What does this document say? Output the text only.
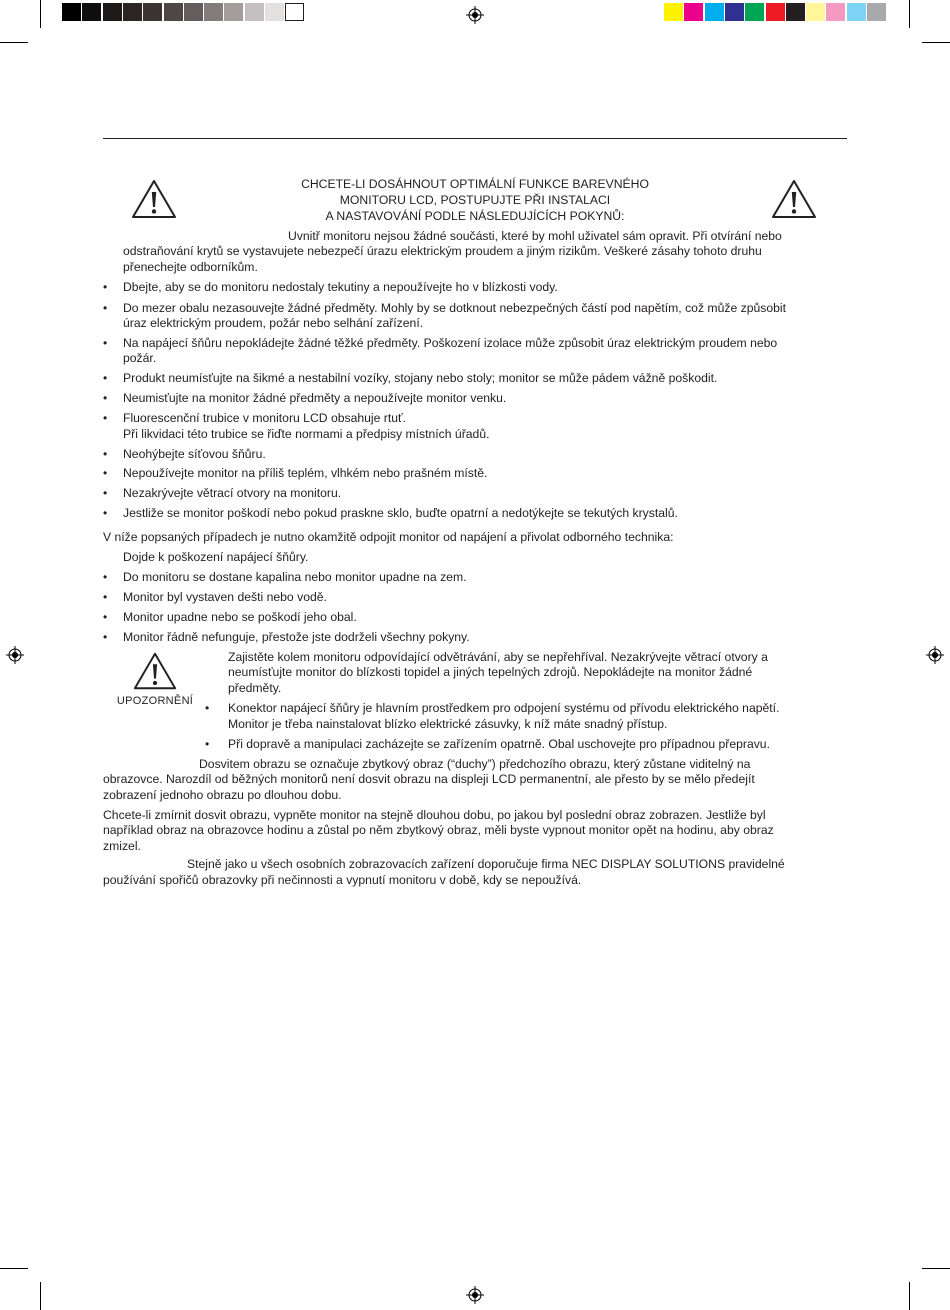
CHCETE-LI DOSÁHNOUT OPTIMÁLNÍ FUNKCE BAREVNÉHO
MONITORU LCD, POSTUPUJTE PŘI INSTALACI
A NASTAVOVÁNÍ PODLE NÁSLEDUJÍCÍCH POKYNŮ:
Uvnitř monitoru nejsou žádné součásti, které by mohl uživatel sám opravit. Při otvírání nebo
odstraňování krytů se vystavujete nebezpečí úrazu elektrickým proudem a jiným rizikům. Veškeré zásahy tohoto druhu
přenechejte odborníkům.
•	Dbejte, aby se do monitoru nedostaly tekutiny a nepoužívejte ho v blízkosti vody.
•	Do mezer obalu nezasouvejte žádné předměty. Mohly by se dotknout nebezpečných částí pod napětím, což může způsobit
úraz elektrickým proudem, požár nebo selhání zařízení.
•	Na napájecí šňůru nepokládejte žádné těžké předměty. Poškození izolace může způsobit úraz elektrickým proudem nebo
požár.
•	Produkt neumísťujte na šikmé a nestabilní vozíky, stojany nebo stoly; monitor se může pádem vážně poškodit.
•	Neumisťujte na monitor žádné předměty a nepoužívejte monitor venku.
•	Fluorescenční trubice v monitoru LCD obsahuje rtuť.
Při likvidaci této trubice se řiďte normami a předpisy místních úřadů.
•	Neohýbejte síťovou šňůru.
•	Nepoužívejte monitor na příliš teplém, vlhkém nebo prašném místě.
•	Nezakrývejte větrací otvory na monitoru.
•	Jestliže se monitor poškodí nebo pokud praskne sklo, buďte opatrní a nedotýkejte se tekutých krystalů.
V níže popsaných případech je nutno okamžitě odpojit monitor od napájení a přivolat odborného technika:
Dojde k poškození napájecí šňůry.
•	Do monitoru se dostane kapalina nebo monitor upadne na zem.
•	Monitor byl vystaven dešti nebo vodě.
•	Monitor upadne nebo se poškodí jeho obal.
•	Monitor řádně nefunguje, přestože jste dodrželi všechny pokyny.
UPOZORNĚNÍ
Zajistěte kolem monitoru odpovídající odvětrávání, aby se nepřehříval. Nezakrývejte větrací otvory a
neumísťujte monitor do blízkosti topidel a jiných tepelných zdrojů. Nepokládejte na monitor žádné
předměty.
•	Konektor napájecí šňůry je hlavním prostředkem pro odpojení systému od přívodu elektrického napětí.
Monitor je třeba nainstalovat blízko elektrické zásuvky, k níž máte snadný přístup.
•	Při dopravě a manipulaci zacházejte se zařízením opatrně. Obal uschovejte pro případnou přepravu.
Dosvitem obrazu se označuje zbytkový obraz (“duchy”) předchozího obrazu, který zůstane viditelný na
obrazovce. Narozdíl od běžných monitorů není dosvit obrazu na displeji LCD permanentní, ale přesto by se mělo předejít
zobrazení jednoho obrazu po dlouhou dobu.
Chcete-li zmírnit dosvit obrazu, vypněte monitor na stejně dlouhou dobu, po jakou byl poslední obraz zobrazen. Jestliže byl
například obraz na obrazovce hodinu a zůstal po něm zbytkový obraz, měli byste vypnout monitor opět na hodinu, aby obraz
zmizel.
Stejně jako u všech osobních zobrazovacích zařízení doporučuje firma NEC DISPLAY SOLUTIONS pravidelné
používání spořičů obrazovky při nečinnosti a vypnutí monitoru v době, kdy se nepoužívá.
